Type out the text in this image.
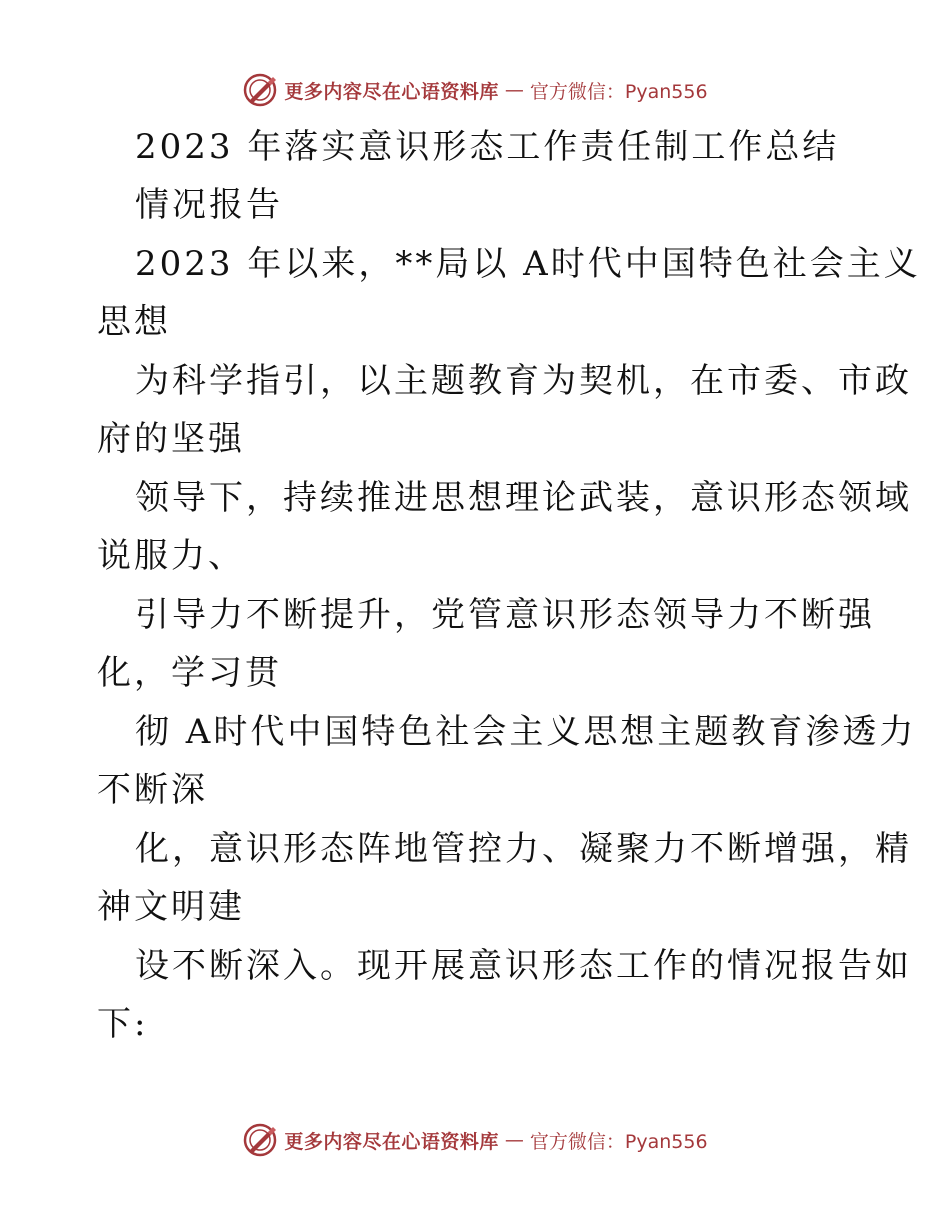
更多内容尽在心语资料库 — 官方微信：Pyan556
2023 年落实意识形态工作责任制工作总结
情况报告
2023 年以来，**局以 A时代中国特色社会主义
思想
为科学指引，以主题教育为契机，在市委、市政
府的坚强
领导下，持续推进思想理论武装，意识形态领域
说服力、
引导力不断提升，党管意识形态领导力不断强
化，学习贯
彻 A时代中国特色社会主义思想主题教育渗透力
不断深
化，意识形态阵地管控力、凝聚力不断增强，精
神文明建
设不断深入。现开展意识形态工作的情况报告如
下:
更多内容尽在心语资料库 — 官方微信：Pyan556
